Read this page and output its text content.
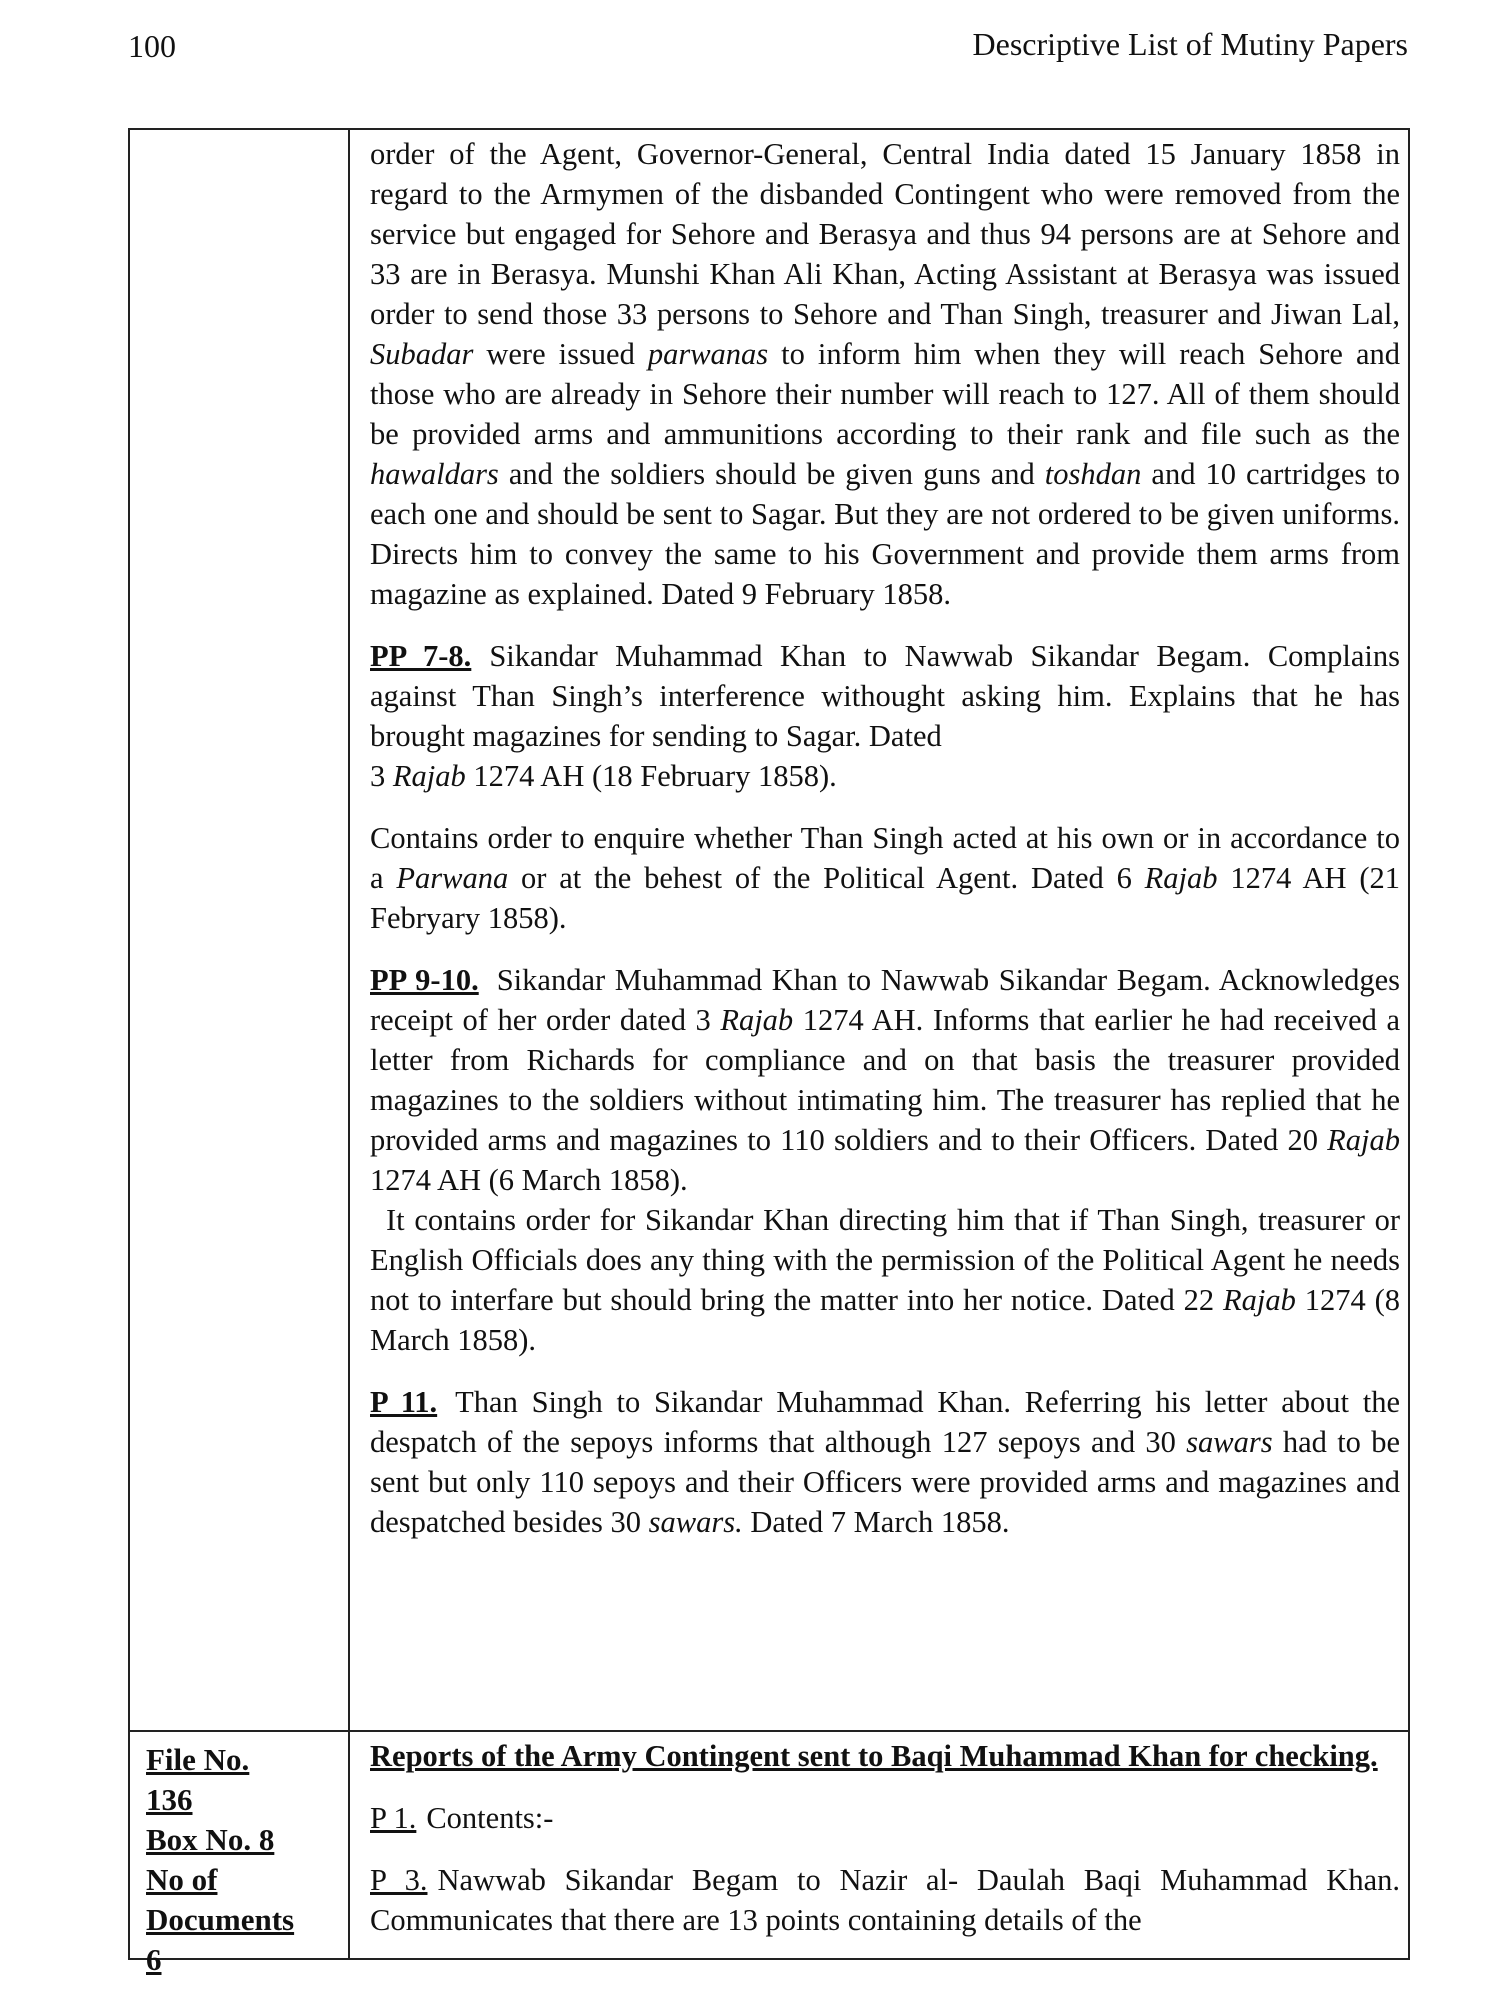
100	Descriptive List of Mutiny Papers

order of the Agent, Governor-General, Central India dated 15 January 1858 in regard to the Armymen of the disbanded Contingent who were removed from the service but engaged for Sehore and Berasya and thus 94 persons are at Sehore and 33 are in Berasya. Munshi Khan Ali Khan, Acting Assistant at Berasya was issued order to send those 33 persons to Sehore and Than Singh, treasurer and Jiwan Lal, Subadar were issued parwanas to inform him when they will reach Sehore and those who are already in Sehore their number will reach to 127. All of them should be provided arms and ammunitions according to their rank and file such as the hawaldars and the soldiers should be given guns and toshdan and 10 cartridges to each one and should be sent to Sagar. But they are not ordered to be given uniforms. Directs him to convey the same to his Government and provide them arms from magazine as explained. Dated 9 February 1858.

PP 7-8. Sikandar Muhammad Khan to Nawwab Sikandar Begam. Complains against Than Singh’s interference withought asking him. Explains that he has brought magazines for sending to Sagar. Dated
3 Rajab 1274 AH (18 February 1858).

Contains order to enquire whether Than Singh acted at his own or in accordance to a Parwana or at the behest of the Political Agent. Dated 6 Rajab 1274 AH (21 Febryary 1858).

PP 9-10. Sikandar Muhammad Khan to Nawwab Sikandar Begam. Acknowledges receipt of her order dated 3 Rajab 1274 AH. Informs that earlier he had received a letter from Richards for compliance and on that basis the treasurer provided magazines to the soldiers without intimating him. The treasurer has replied that he provided arms and magazines to 110 soldiers and to their Officers. Dated 20 Rajab 1274 AH (6 March 1858).

It contains order for Sikandar Khan directing him that if Than Singh, treasurer or English Officials does any thing with the permission of the Political Agent he needs not to interfare but should bring the matter into her notice. Dated 22 Rajab 1274 (8 March 1858).

P 11. Than Singh to Sikandar Muhammad Khan. Referring his letter about the despatch of the sepoys informs that although 127 sepoys and 30 sawars had to be sent but only 110 sepoys and their Officers were provided arms and magazines and despatched besides 30 sawars. Dated 7 March 1858.

File No.
136
Box No. 8
No of
Documents
6

Reports of the Army Contingent sent to Baqi Muhammad Khan for checking.

P 1. Contents:-

P 3. Nawwab Sikandar Begam to Nazir al- Daulah Baqi Muhammad Khan. Communicates that there are 13 points containing details of the
